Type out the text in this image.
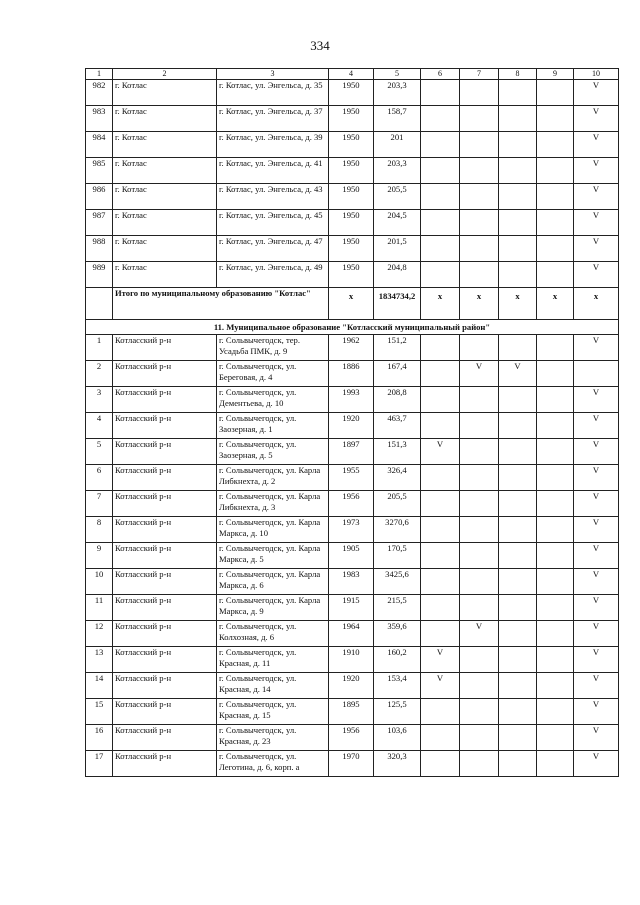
334
1	2	3	4	5	6	7	8	9	10
982	г. Котлас	г. Котлас, ул. Энгельса, д. 35	1950	203,3					V
983	г. Котлас	г. Котлас, ул. Энгельса, д. 37	1950	158,7					V
984	г. Котлас	г. Котлас, ул. Энгельса, д. 39	1950	201					V
985	г. Котлас	г. Котлас, ул. Энгельса, д. 41	1950	203,3					V
986	г. Котлас	г. Котлас, ул. Энгельса, д. 43	1950	205,5					V
987	г. Котлас	г. Котлас, ул. Энгельса, д. 45	1950	204,5					V
988	г. Котлас	г. Котлас, ул. Энгельса, д. 47	1950	201,5					V
989	г. Котлас	г. Котлас, ул. Энгельса, д. 49	1950	204,8					V
	Итого по муниципальному образованию "Котлас"		x	1834734,2	x	x	x	x	x
11. Муниципальное образование "Котласский муниципальный район"									
1	Котласский р-н	г. Сольвычегодск, тер. Усадьба ПМК, д. 9	1962	151,2					V
2	Котласский р-н	г. Сольвычегодск, ул. Береговая, д. 4	1886	167,4		V	V		
3	Котласский р-н	г. Сольвычегодск, ул. Дементьева, д. 10	1993	208,8					V
4	Котласский р-н	г. Сольвычегодск, ул. Заозерная, д. 1	1920	463,7					V
5	Котласский р-н	г. Сольвычегодск, ул. Заозерная, д. 5	1897	151,3	V				V
6	Котласский р-н	г. Сольвычегодск, ул. Карла Либкнехта, д. 2	1955	326,4					V
7	Котласский р-н	г. Сольвычегодск, ул. Карла Либкнехта, д. 3	1956	205,5					V
8	Котласский р-н	г. Сольвычегодск, ул. Карла Маркса, д. 10	1973	3270,6					V
9	Котласский р-н	г. Сольвычегодск, ул. Карла Маркса, д. 5	1905	170,5					V
10	Котласский р-н	г. Сольвычегодск, ул. Карла Маркса, д. 6	1983	3425,6					V
11	Котласский р-н	г. Сольвычегодск, ул. Карла Маркса, д. 9	1915	215,5					V
12	Котласский р-н	г. Сольвычегодск, ул. Колхозная, д. 6	1964	359,6		V			V
13	Котласский р-н	г. Сольвычегодск, ул. Красная, д. 11	1910	160,2	V				V
14	Котласский р-н	г. Сольвычегодск, ул. Красная, д. 14	1920	153,4	V				V
15	Котласский р-н	г. Сольвычегодск, ул. Красная, д. 15	1895	125,5					V
16	Котласский р-н	г. Сольвычегодск, ул. Красная, д. 23	1956	103,6					V
17	Котласский р-н	г. Сольвычегодск, ул. Леготина, д. 6, корп. а	1970	320,3					V
